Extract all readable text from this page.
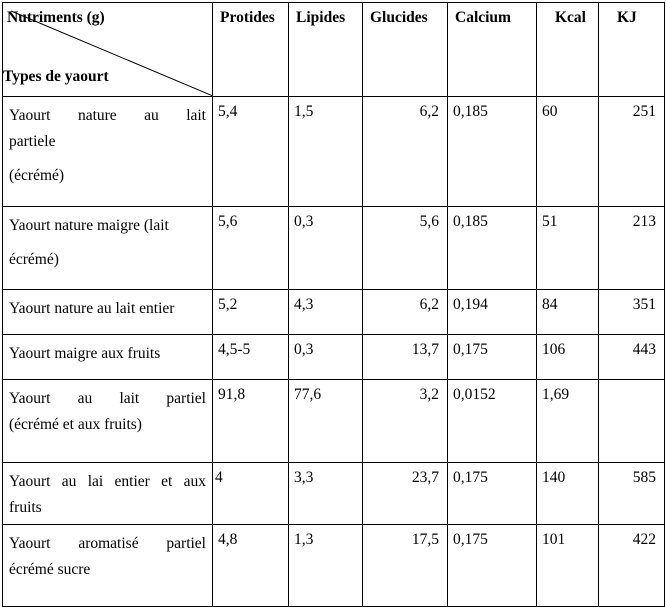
Nutriments (g)
Types de yaourt	Protides	Lipides	Glucides	Calcium	Kcal	KJ

Yaourt nature au lait
partiele
(écrémé)	5,4	1,5	6,2	0,185	60	251

Yaourt nature maigre (lait
écrémé)	5,6	0,3	5,6	0,185	51	213

Yaourt nature au lait entier	5,2	4,3	6,2	0,194	84	351

Yaourt maigre aux fruits	4,5-5	0,3	13,7	0,175	106	443

Yaourt au lait partiel
(écrémé et aux fruits)	91,8	77,6	3,2	0,0152	1,69	

Yaourt au lai entier et aux
fruits	4	3,3	23,7	0,175	140	585

Yaourt aromatisé partiel
écrémé sucre	4,8	1,3	17,5	0,175	101	422
